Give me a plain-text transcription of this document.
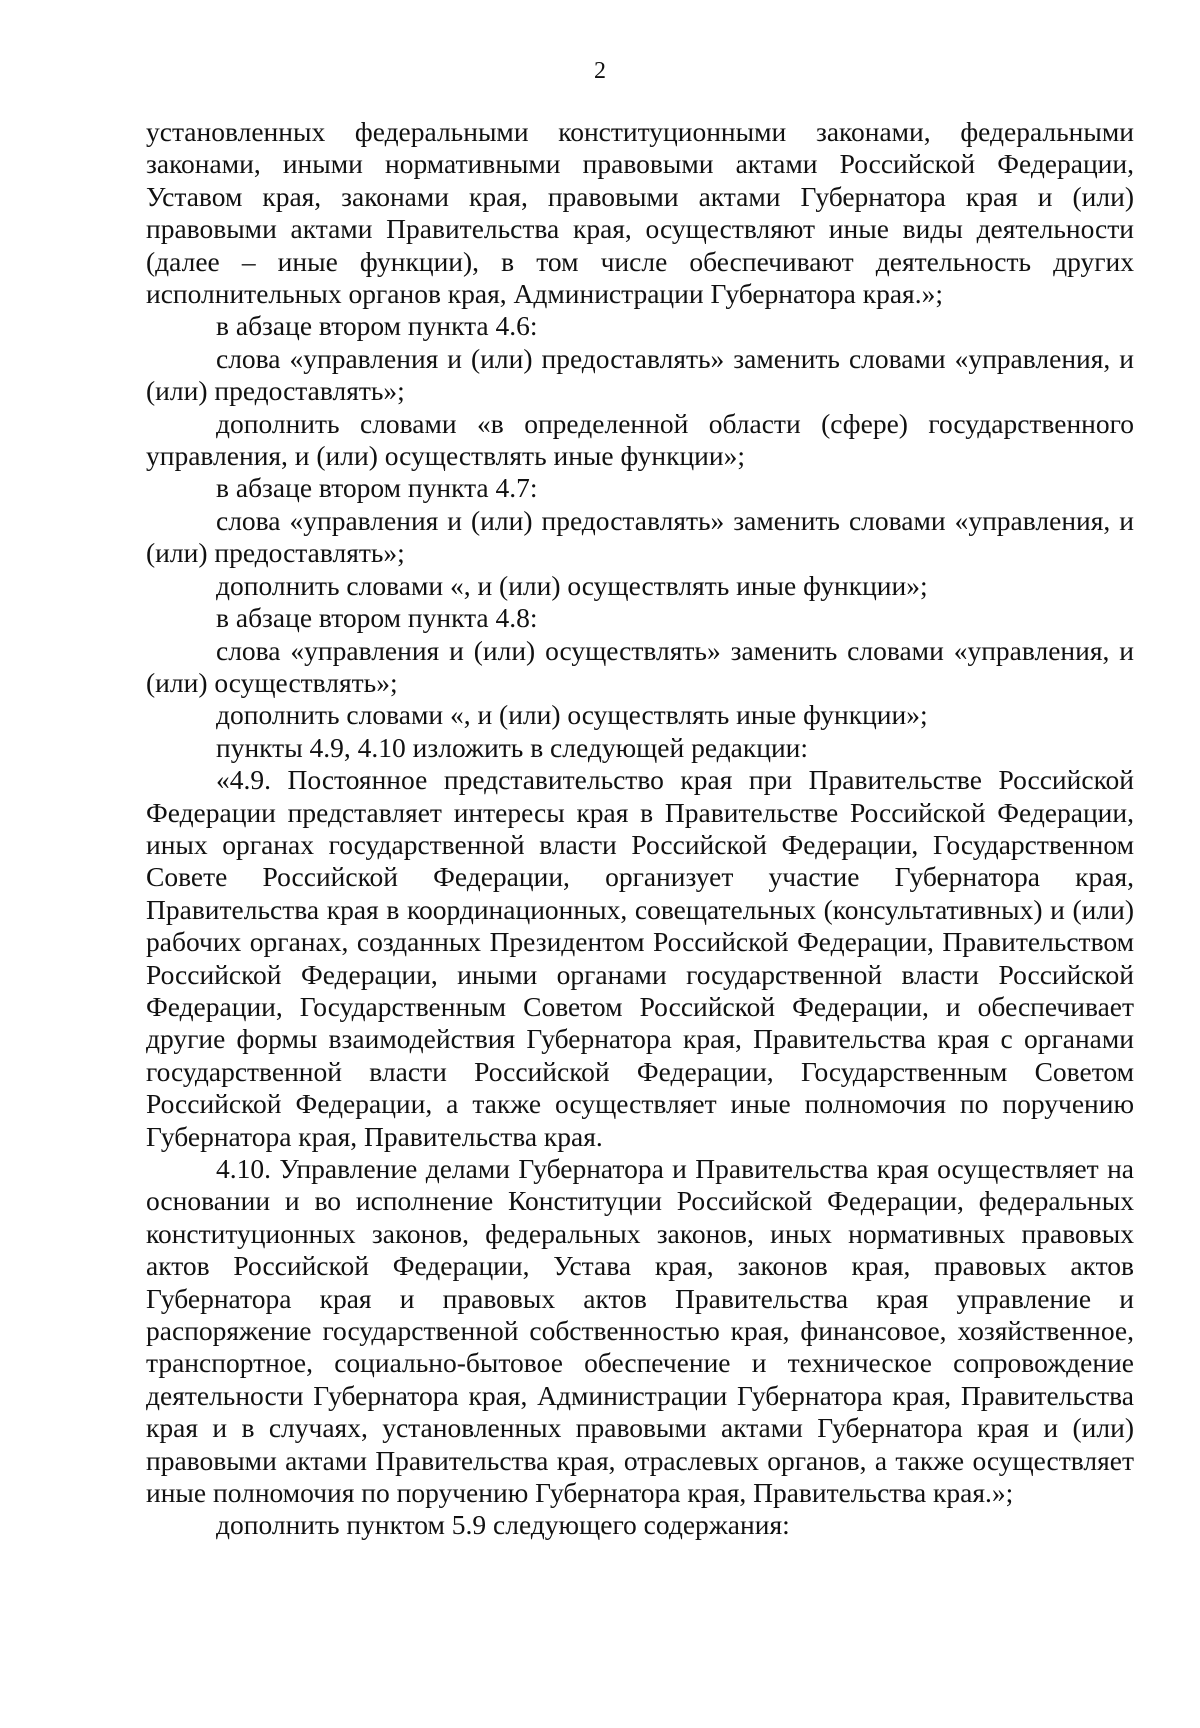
2

установленных федеральными конституционными законами, федеральными законами, иными нормативными правовыми актами Российской Федерации, Уставом края, законами края, правовыми актами Губернатора края и (или) правовыми актами Правительства края, осуществляют иные виды деятельности (далее – иные функции), в том числе обеспечивают деятельность других исполнительных органов края, Администрации Губернатора края.»;

в абзаце втором пункта 4.6:

слова «управления и (или) предоставлять» заменить словами «управления, и (или) предоставлять»;

дополнить словами «в определенной области (сфере) государственного управления, и (или) осуществлять иные функции»;

в абзаце втором пункта 4.7:

слова «управления и (или) предоставлять» заменить словами «управления, и (или) предоставлять»;

дополнить словами «, и (или) осуществлять иные функции»;

в абзаце втором пункта 4.8:

слова «управления и (или) осуществлять» заменить словами «управления, и (или) осуществлять»;

дополнить словами «, и (или) осуществлять иные функции»;

пункты 4.9, 4.10 изложить в следующей редакции:

«4.9. Постоянное представительство края при Правительстве Российской Федерации представляет интересы края в Правительстве Российской Федерации, иных органах государственной власти Российской Федерации, Государственном Совете Российской Федерации, организует участие Губернатора края, Правительства края в координационных, совещательных (консультативных) и (или) рабочих органах, созданных Президентом Российской Федерации, Правительством Российской Федерации, иными органами государственной власти Российской Федерации, Государственным Советом Российской Федерации, и обеспечивает другие формы взаимодействия Губернатора края, Правительства края с органами государственной власти Российской Федерации, Государственным Советом Российской Федерации, а также осуществляет иные полномочия по поручению Губернатора края, Правительства края.

4.10. Управление делами Губернатора и Правительства края осуществляет на основании и во исполнение Конституции Российской Федерации, федеральных конституционных законов, федеральных законов, иных нормативных правовых актов Российской Федерации, Устава края, законов края, правовых актов Губернатора края и правовых актов Правительства края управление и распоряжение государственной собственностью края, финансовое, хозяйственное, транспортное, социально-бытовое обеспечение и техническое сопровождение деятельности Губернатора края, Администрации Губернатора края, Правительства края и в случаях, установленных правовыми актами Губернатора края и (или) правовыми актами Правительства края, отраслевых органов, а также осуществляет иные полномочия по поручению Губернатора края, Правительства края.»;

дополнить пунктом 5.9 следующего содержания:
